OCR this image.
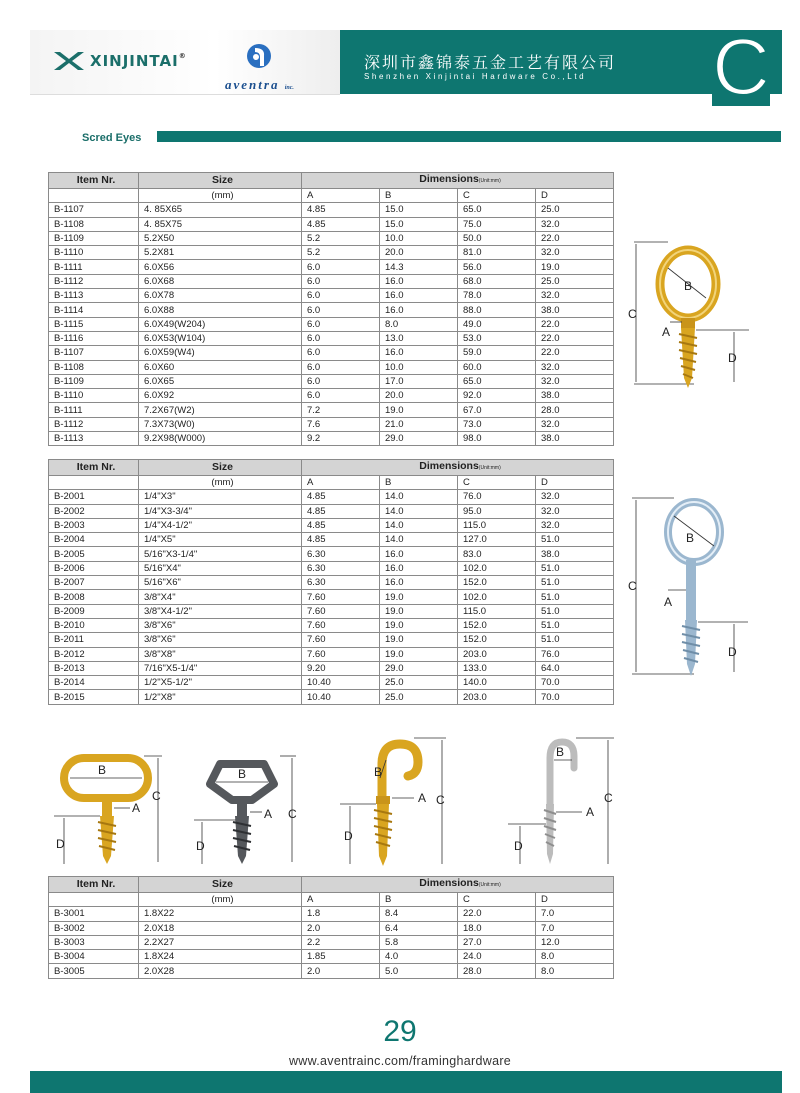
XINJINTAI®
aventra inc.
深圳市鑫锦泰五金工艺有限公司
Shenzhen Xinjintai Hardware Co.,Ltd C
Scred Eyes
Item Nr.	Size	Dimensions(Unit:mm)			
	(mm)	A	B	C	D
B-1107	4. 85X65	4.85	15.0	65.0	25.0
B-1108	4. 85X75	4.85	15.0	75.0	32.0
B-1109	5.2X50	5.2	10.0	50.0	22.0
B-1110	5.2X81	5.2	20.0	81.0	32.0
B-1111	6.0X56	6.0	14.3	56.0	19.0
B-1112	6.0X68	6.0	16.0	68.0	25.0
B-1113	6.0X78	6.0	16.0	78.0	32.0
B-1114	6.0X88	6.0	16.0	88.0	38.0
B-1115	6.0X49(W204)	6.0	8.0	49.0	22.0
B-1116	6.0X53(W104)	6.0	13.0	53.0	22.0
B-1107	6.0X59(W4)	6.0	16.0	59.0	22.0
B-1108	6.0X60	6.0	10.0	60.0	32.0
B-1109	6.0X65	6.0	17.0	65.0	32.0
B-1110	6.0X92	6.0	20.0	92.0	38.0
B-1111	7.2X67(W2)	7.2	19.0	67.0	28.0
B-1112	7.3X73(W0)	7.6	21.0	73.0	32.0
B-1113	9.2X98(W000)	9.2	29.0	98.0	38.0
Item Nr.	Size	Dimensions(Unit:mm)			
	(mm)	A	B	C	D
B-2001	1/4"X3"	4.85	14.0	76.0	32.0
B-2002	1/4"X3-3/4"	4.85	14.0	95.0	32.0
B-2003	1/4"X4-1/2"	4.85	14.0	115.0	32.0
B-2004	1/4"X5"	4.85	14.0	127.0	51.0
B-2005	5/16"X3-1/4"	6.30	16.0	83.0	38.0
B-2006	5/16"X4"	6.30	16.0	102.0	51.0
B-2007	5/16"X6"	6.30	16.0	152.0	51.0
B-2008	3/8"X4"	7.60	19.0	102.0	51.0
B-2009	3/8"X4-1/2"	7.60	19.0	115.0	51.0
B-2010	3/8"X6"	7.60	19.0	152.0	51.0
B-2011	3/8"X6"	7.60	19.0	152.0	51.0
B-2012	3/8"X8"	7.60	19.0	203.0	76.0
B-2013	7/16"X5-1/4"	9.20	29.0	133.0	64.0
B-2014	1/2"X5-1/2"	10.40	25.0	140.0	70.0
B-2015	1/2"X8"	10.40	25.0	203.0	70.0
Item Nr.	Size	Dimensions(Unit:mm)			
	(mm)	A	B	C	D
B-3001	1.8X22	1.8	8.4	22.0	7.0
B-3002	2.0X18	2.0	6.4	18.0	7.0
B-3003	2.2X27	2.2	5.8	27.0	12.0
B-3004	1.8X24	1.85	4.0	24.0	8.0
B-3005	2.0X28	2.0	5.0	28.0	8.0
C
B
A
D
C
B
A
D
B
A
C
D
B
A C
D
B
A C
D
B
A
C
D
29
www.aventrainc.com/framinghardware
